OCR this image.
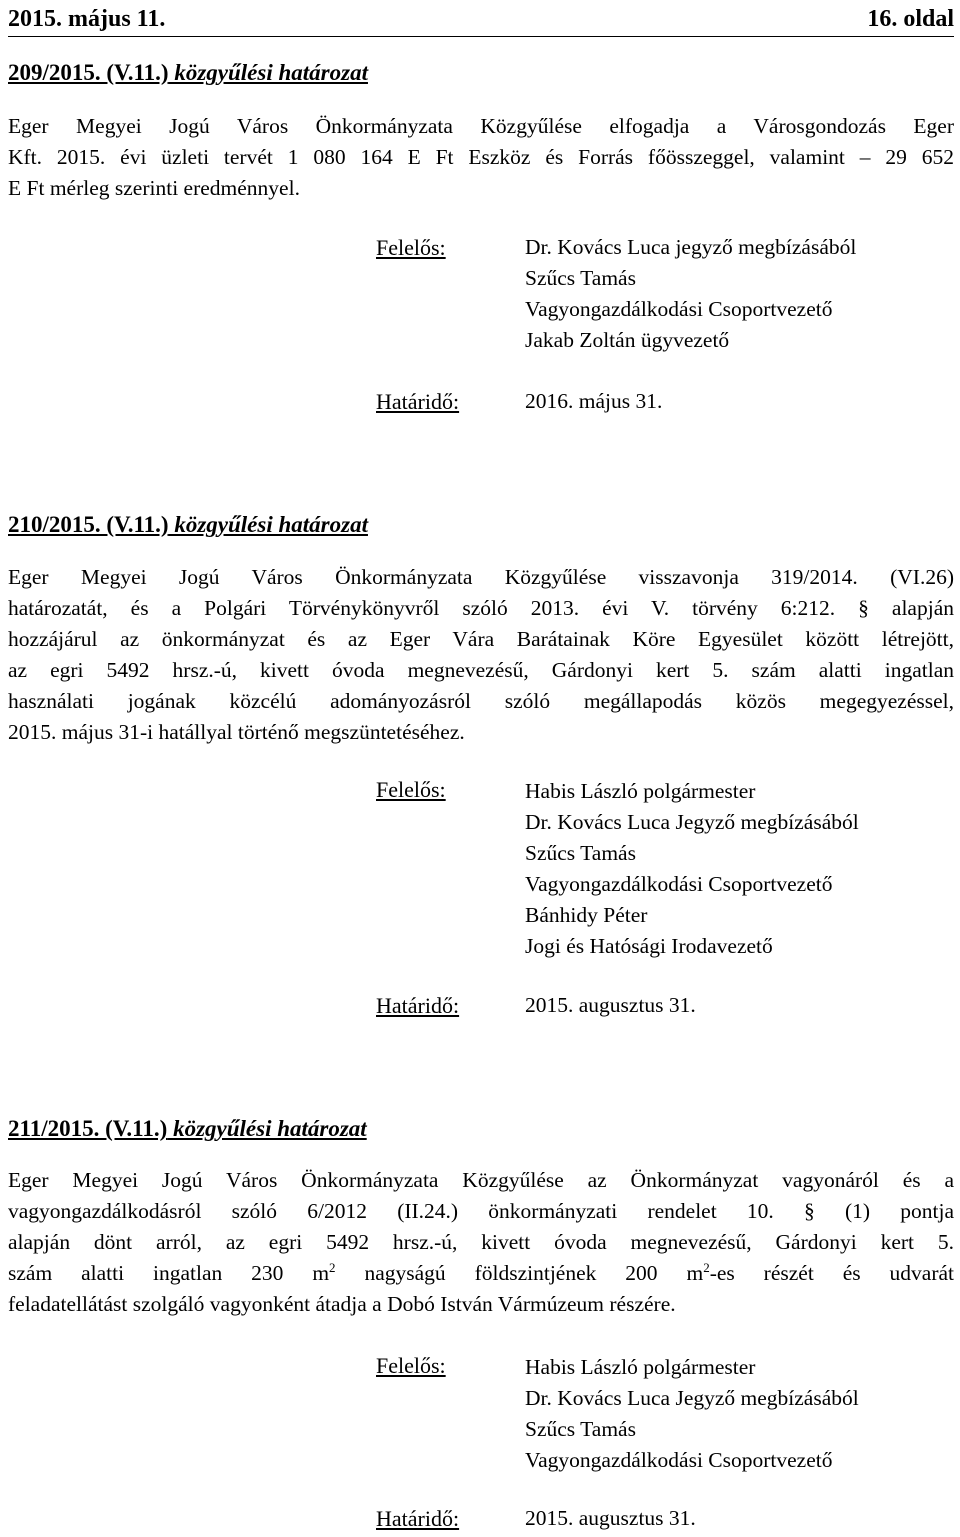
2015. május 11.	16. oldal
209/2015. (V.11.) közgyűlési határozat
Eger Megyei Jogú Város Önkormányzata Közgyűlése elfogadja a Városgondozás Eger
Kft. 2015. évi üzleti tervét 1 080 164 E Ft Eszköz és Forrás főösszeggel, valamint – 29 652
E Ft mérleg szerinti eredménnyel.
Felelős:	Dr. Kovács Luca jegyző megbízásából
Szűcs Tamás
Vagyongazdálkodási Csoportvezető
Jakab Zoltán ügyvezető
Határidő:	2016. május 31.
210/2015. (V.11.) közgyűlési határozat
Eger Megyei Jogú Város Önkormányzata Közgyűlése visszavonja 319/2014. (VI.26)
határozatát, és a Polgári Törvénykönyvről szóló 2013. évi V. törvény 6:212. § alapján
hozzájárul az önkormányzat és az Eger Vára Barátainak Köre Egyesület között létrejött,
az egri 5492 hrsz.-ú, kivett óvoda megnevezésű, Gárdonyi kert 5. szám alatti ingatlan
használati jogának közcélú adományozásról szóló megállapodás közös megegyezéssel,
2015. május 31-i hatállyal történő megszüntetéséhez.
Felelős:	Habis László polgármester
Dr. Kovács Luca Jegyző megbízásából
Szűcs Tamás
Vagyongazdálkodási Csoportvezető
Bánhidy Péter
Jogi és Hatósági Irodavezető
Határidő:	2015. augusztus 31.
211/2015. (V.11.) közgyűlési határozat
Eger Megyei Jogú Város Önkormányzata Közgyűlése az Önkormányzat vagyonáról és a
vagyongazdálkodásról szóló 6/2012 (II.24.) önkormányzati rendelet 10. § (1) pontja
alapján dönt arról, az egri 5492 hrsz.-ú, kivett óvoda megnevezésű, Gárdonyi kert 5.
szám alatti ingatlan 230 $m^2$ nagyságú földszintjének 200 $m^2-es$ részét és udvarát
feladatellátást szolgáló vagyonként átadja a Dobó István Vármúzeum részére.
Felelős:	Habis László polgármester
Dr. Kovács Luca Jegyző megbízásából
Szűcs Tamás
Vagyongazdálkodási Csoportvezető
Határidő:	2015. augusztus 31.
